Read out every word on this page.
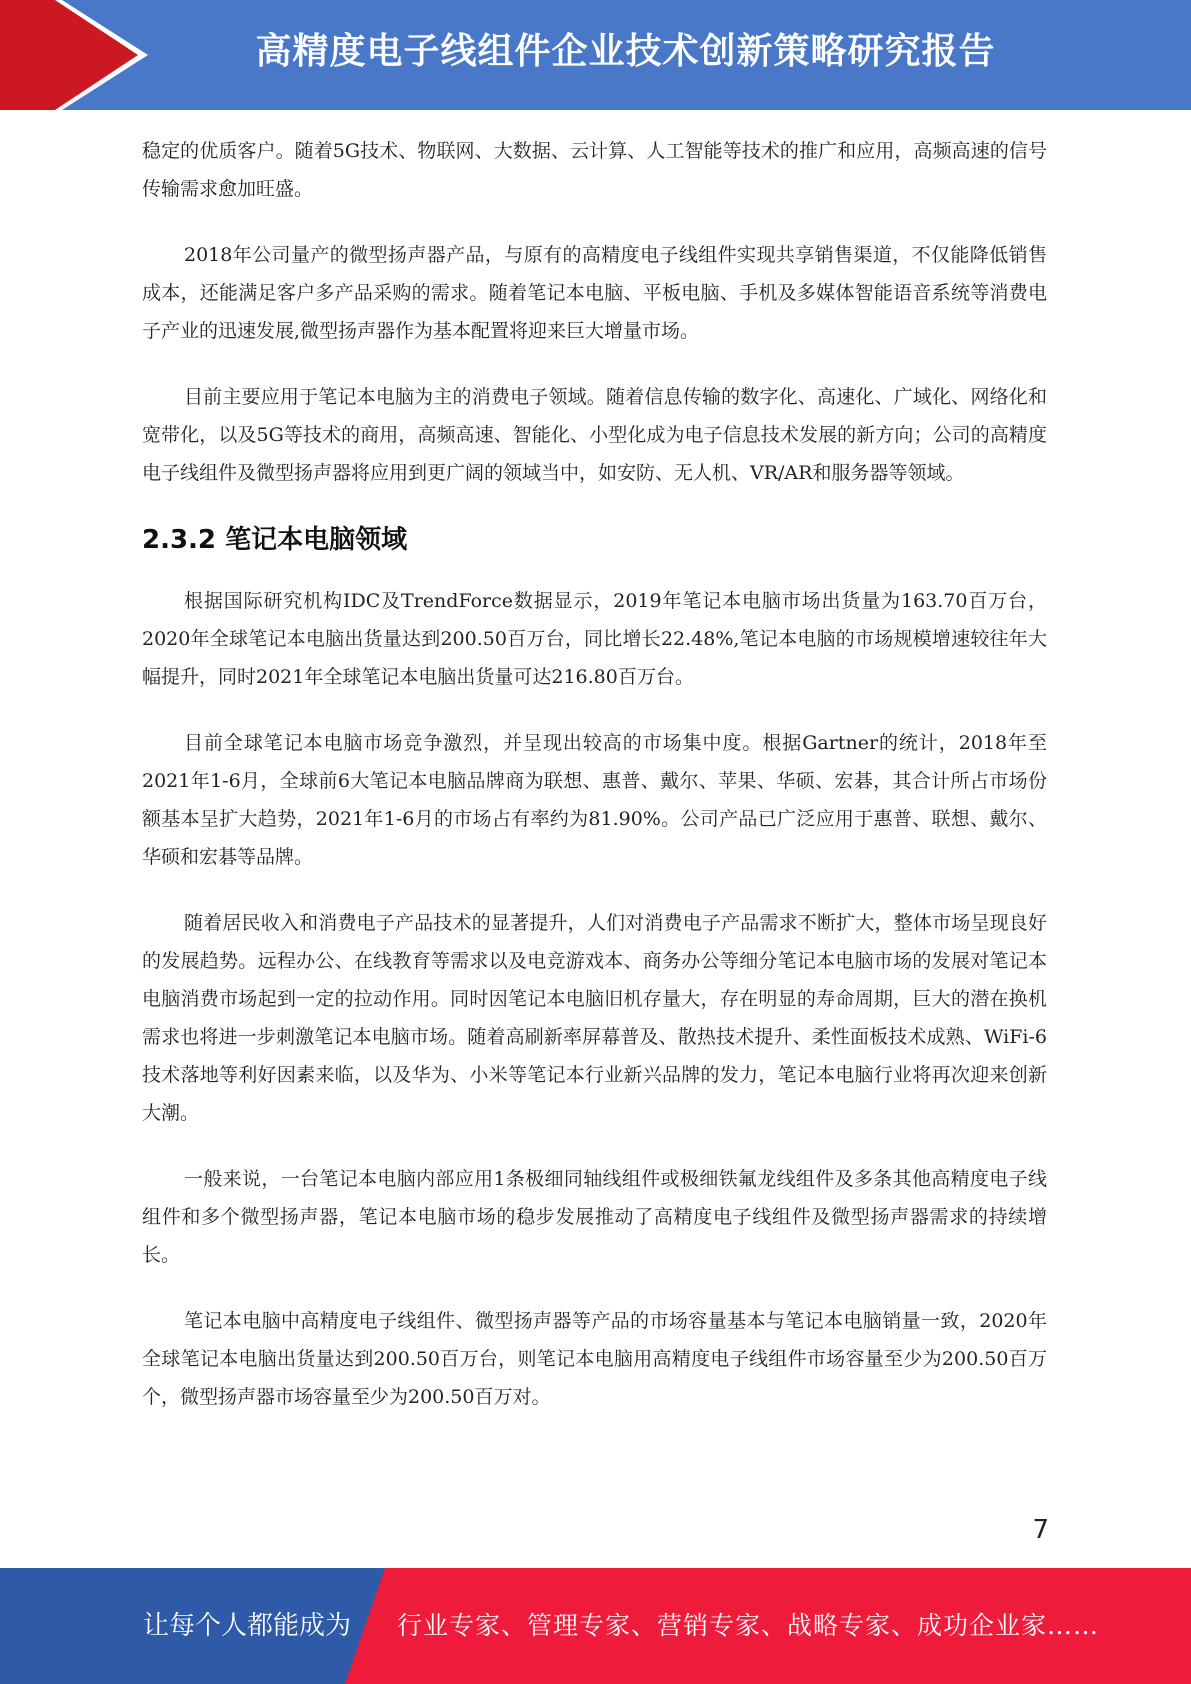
高精度电子线组件企业技术创新策略研究报告

稳定的优质客户。随着5G技术、物联网、大数据、云计算、人工智能等技术的推广和应用，高频高速的信号传输需求愈加旺盛。

2018年公司量产的微型扬声器产品，与原有的高精度电子线组件实现共享销售渠道，不仅能降低销售成本，还能满足客户多产品采购的需求。随着笔记本电脑、平板电脑、手机及多媒体智能语音系统等消费电子产业的迅速发展,微型扬声器作为基本配置将迎来巨大增量市场。

目前主要应用于笔记本电脑为主的消费电子领域。随着信息传输的数字化、高速化、广域化、网络化和宽带化，以及5G等技术的商用，高频高速、智能化、小型化成为电子信息技术发展的新方向；公司的高精度电子线组件及微型扬声器将应用到更广阔的领域当中，如安防、无人机、VR/AR和服务器等领域。

2.3.2 笔记本电脑领域

根据国际研究机构IDC及TrendForce数据显示，2019年笔记本电脑市场出货量为163.70百万台，2020年全球笔记本电脑出货量达到200.50百万台，同比增长22.48%,笔记本电脑的市场规模增速较往年大幅提升，同时2021年全球笔记本电脑出货量可达216.80百万台。

目前全球笔记本电脑市场竞争激烈，并呈现出较高的市场集中度。根据Gartner的统计，2018年至2021年1-6月，全球前6大笔记本电脑品牌商为联想、惠普、戴尔、苹果、华硕、宏碁，其合计所占市场份额基本呈扩大趋势，2021年1-6月的市场占有率约为81.90%。公司产品已广泛应用于惠普、联想、戴尔、华硕和宏碁等品牌。

随着居民收入和消费电子产品技术的显著提升，人们对消费电子产品需求不断扩大，整体市场呈现良好的发展趋势。远程办公、在线教育等需求以及电竞游戏本、商务办公等细分笔记本电脑市场的发展对笔记本电脑消费市场起到一定的拉动作用。同时因笔记本电脑旧机存量大，存在明显的寿命周期，巨大的潜在换机需求也将进一步刺激笔记本电脑市场。随着高刷新率屏幕普及、散热技术提升、柔性面板技术成熟、WiFi-6技术落地等利好因素来临，以及华为、小米等笔记本行业新兴品牌的发力，笔记本电脑行业将再次迎来创新大潮。

一般来说，一台笔记本电脑内部应用1条极细同轴线组件或极细铁氟龙线组件及多条其他高精度电子线组件和多个微型扬声器，笔记本电脑市场的稳步发展推动了高精度电子线组件及微型扬声器需求的持续增长。

笔记本电脑中高精度电子线组件、微型扬声器等产品的市场容量基本与笔记本电脑销量一致，2020年全球笔记本电脑出货量达到200.50百万台，则笔记本电脑用高精度电子线组件市场容量至少为200.50百万个，微型扬声器市场容量至少为200.50百万对。

7
让每个人都能成为 行业专家、管理专家、营销专家、战略专家、成功企业家……
